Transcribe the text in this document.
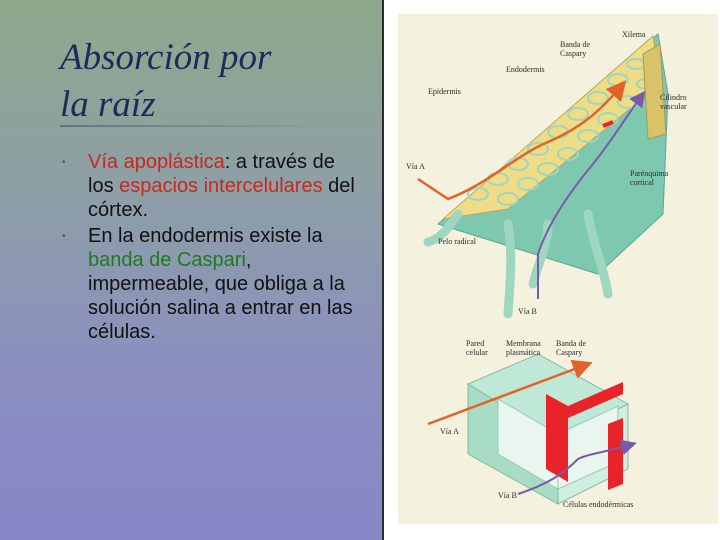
Absorción por
la raíz
• Vía apoplástica: a través de los espacios intercelulares del córtex.
• En la endodermis existe la banda de Caspari, impermeable, que obliga a la solución salina a entrar en las células.
Xilema
Banda de Caspary
Endodermis
Epidermis
Cilindro vascular
Vía A
Parénquima cortical
Pelo radical
Vía B
Pared celular
Membrana plasmática
Banda de Caspary
Vía A
Vía B
Células endodérmicas
